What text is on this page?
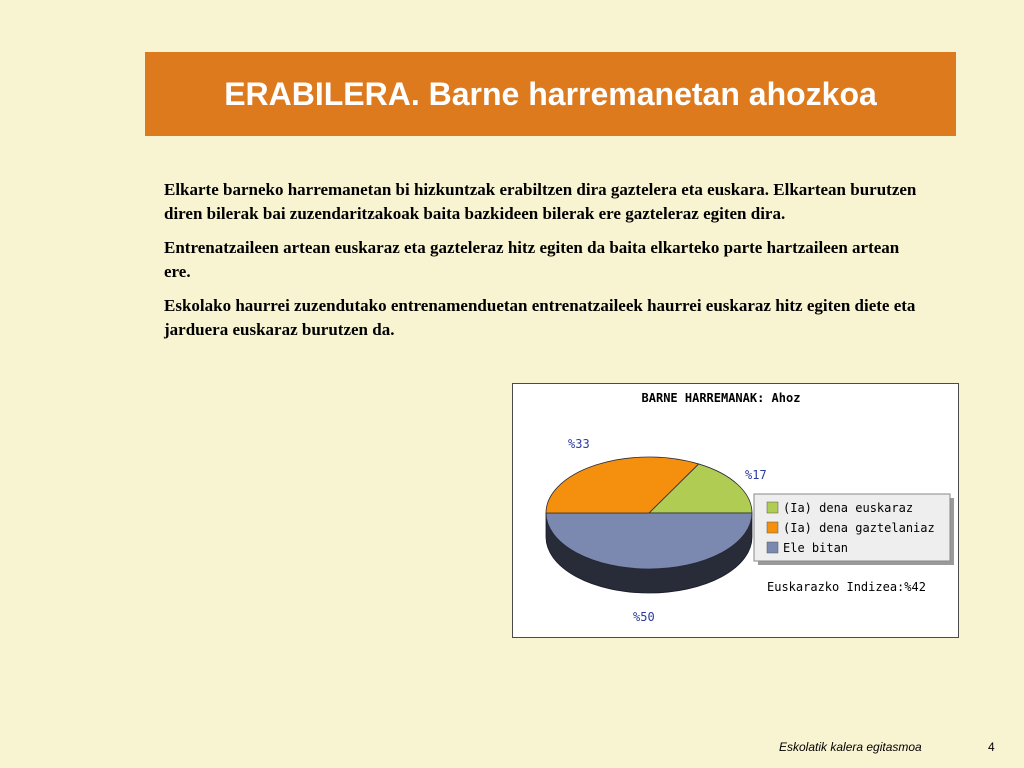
ERABILERA. Barne harremanetan ahozkoa

Elkarte barneko harremanetan bi hizkuntzak erabiltzen dira gaztelera eta euskara. Elkartean burutzen diren bilerak bai zuzendaritzakoak baita bazkideen bilerak ere gazteleraz egiten dira.

Entrenatzaileen artean euskaraz eta gazteleraz hitz egiten da baita elkarteko parte hartzaileen artean ere.

Eskolako haurrei zuzendutako entrenamenduetan entrenatzaileek haurrei euskaraz hitz egiten diete eta jarduera euskaraz burutzen da.

BARNE HARREMANAK: Ahoz
%33
%17
%50
(Ia) dena euskaraz
(Ia) dena gaztelaniaz
Ele bitan
Euskarazko Indizea:%42
Eskolatik kalera egitasmoa	4
